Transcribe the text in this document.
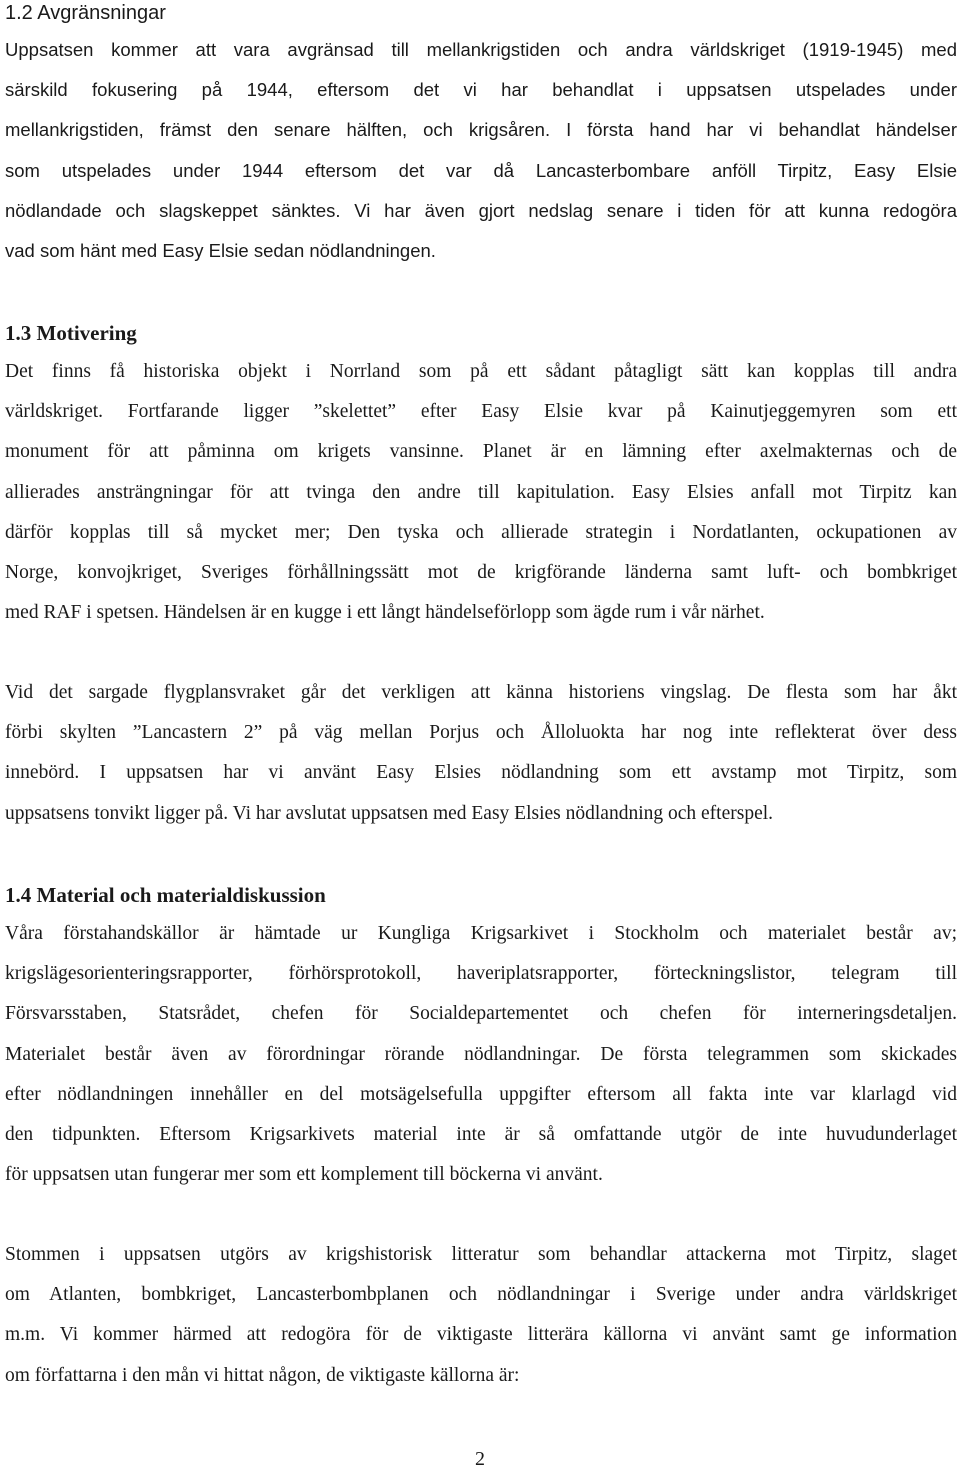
1.2 Avgränsningar
Uppsatsen kommer att vara avgränsad till mellankrigstiden och andra världskriget (1919-1945) med
särskild fokusering på 1944, eftersom det vi har behandlat i uppsatsen utspelades under
mellankrigstiden, främst den senare hälften, och krigsåren. I första hand har vi behandlat händelser
som utspelades under 1944 eftersom det var då Lancasterbombare anföll Tirpitz, Easy Elsie
nödlandade och slagskeppet sänktes. Vi har även gjort nedslag senare i tiden för att kunna redogöra
vad som hänt med Easy Elsie sedan nödlandningen.
1.3 Motivering
Det finns få historiska objekt i Norrland som på ett sådant påtagligt sätt kan kopplas till andra
världskriget. Fortfarande ligger ”skelettet” efter Easy Elsie kvar på Kainutjeggemyren som ett
monument för att påminna om krigets vansinne. Planet är en lämning efter axelmakternas och de
allierades ansträngningar för att tvinga den andre till kapitulation. Easy Elsies anfall mot Tirpitz kan
därför kopplas till så mycket mer; Den tyska och allierade strategin i Nordatlanten, ockupationen av
Norge, konvojkriget, Sveriges förhållningssätt mot de krigförande länderna samt luft- och bombkriget
med RAF i spetsen. Händelsen är en kugge i ett långt händelseförlopp som ägde rum i vår närhet.
Vid det sargade flygplansvraket går det verkligen att känna historiens vingslag. De flesta som har åkt
förbi skylten ”Lancastern 2” på väg mellan Porjus och Ålloluokta har nog inte reflekterat över dess
innebörd. I uppsatsen har vi använt Easy Elsies nödlandning som ett avstamp mot Tirpitz, som
uppsatsens tonvikt ligger på. Vi har avslutat uppsatsen med Easy Elsies nödlandning och efterspel.
1.4 Material och materialdiskussion
Våra förstahandskällor är hämtade ur Kungliga Krigsarkivet i Stockholm och materialet består av;
krigslägesorienteringsrapporter, förhörsprotokoll, haveriplatsrapporter, förteckningslistor, telegram till
Försvarsstaben, Statsrådet, chefen för Socialdepartementet och chefen för interneringsdetaljen.
Materialet består även av förordningar rörande nödlandningar. De första telegrammen som skickades
efter nödlandningen innehåller en del motsägelsefulla uppgifter eftersom all fakta inte var klarlagd vid
den tidpunkten. Eftersom Krigsarkivets material inte är så omfattande utgör de inte huvudunderlaget
för uppsatsen utan fungerar mer som ett komplement till böckerna vi använt.
Stommen i uppsatsen utgörs av krigshistorisk litteratur som behandlar attackerna mot Tirpitz, slaget
om Atlanten, bombkriget, Lancasterbombplanen och nödlandningar i Sverige under andra världskriget
m.m. Vi kommer härmed att redogöra för de viktigaste litterära källorna vi använt samt ge information
om författarna i den mån vi hittat någon, de viktigaste källorna är:
2
